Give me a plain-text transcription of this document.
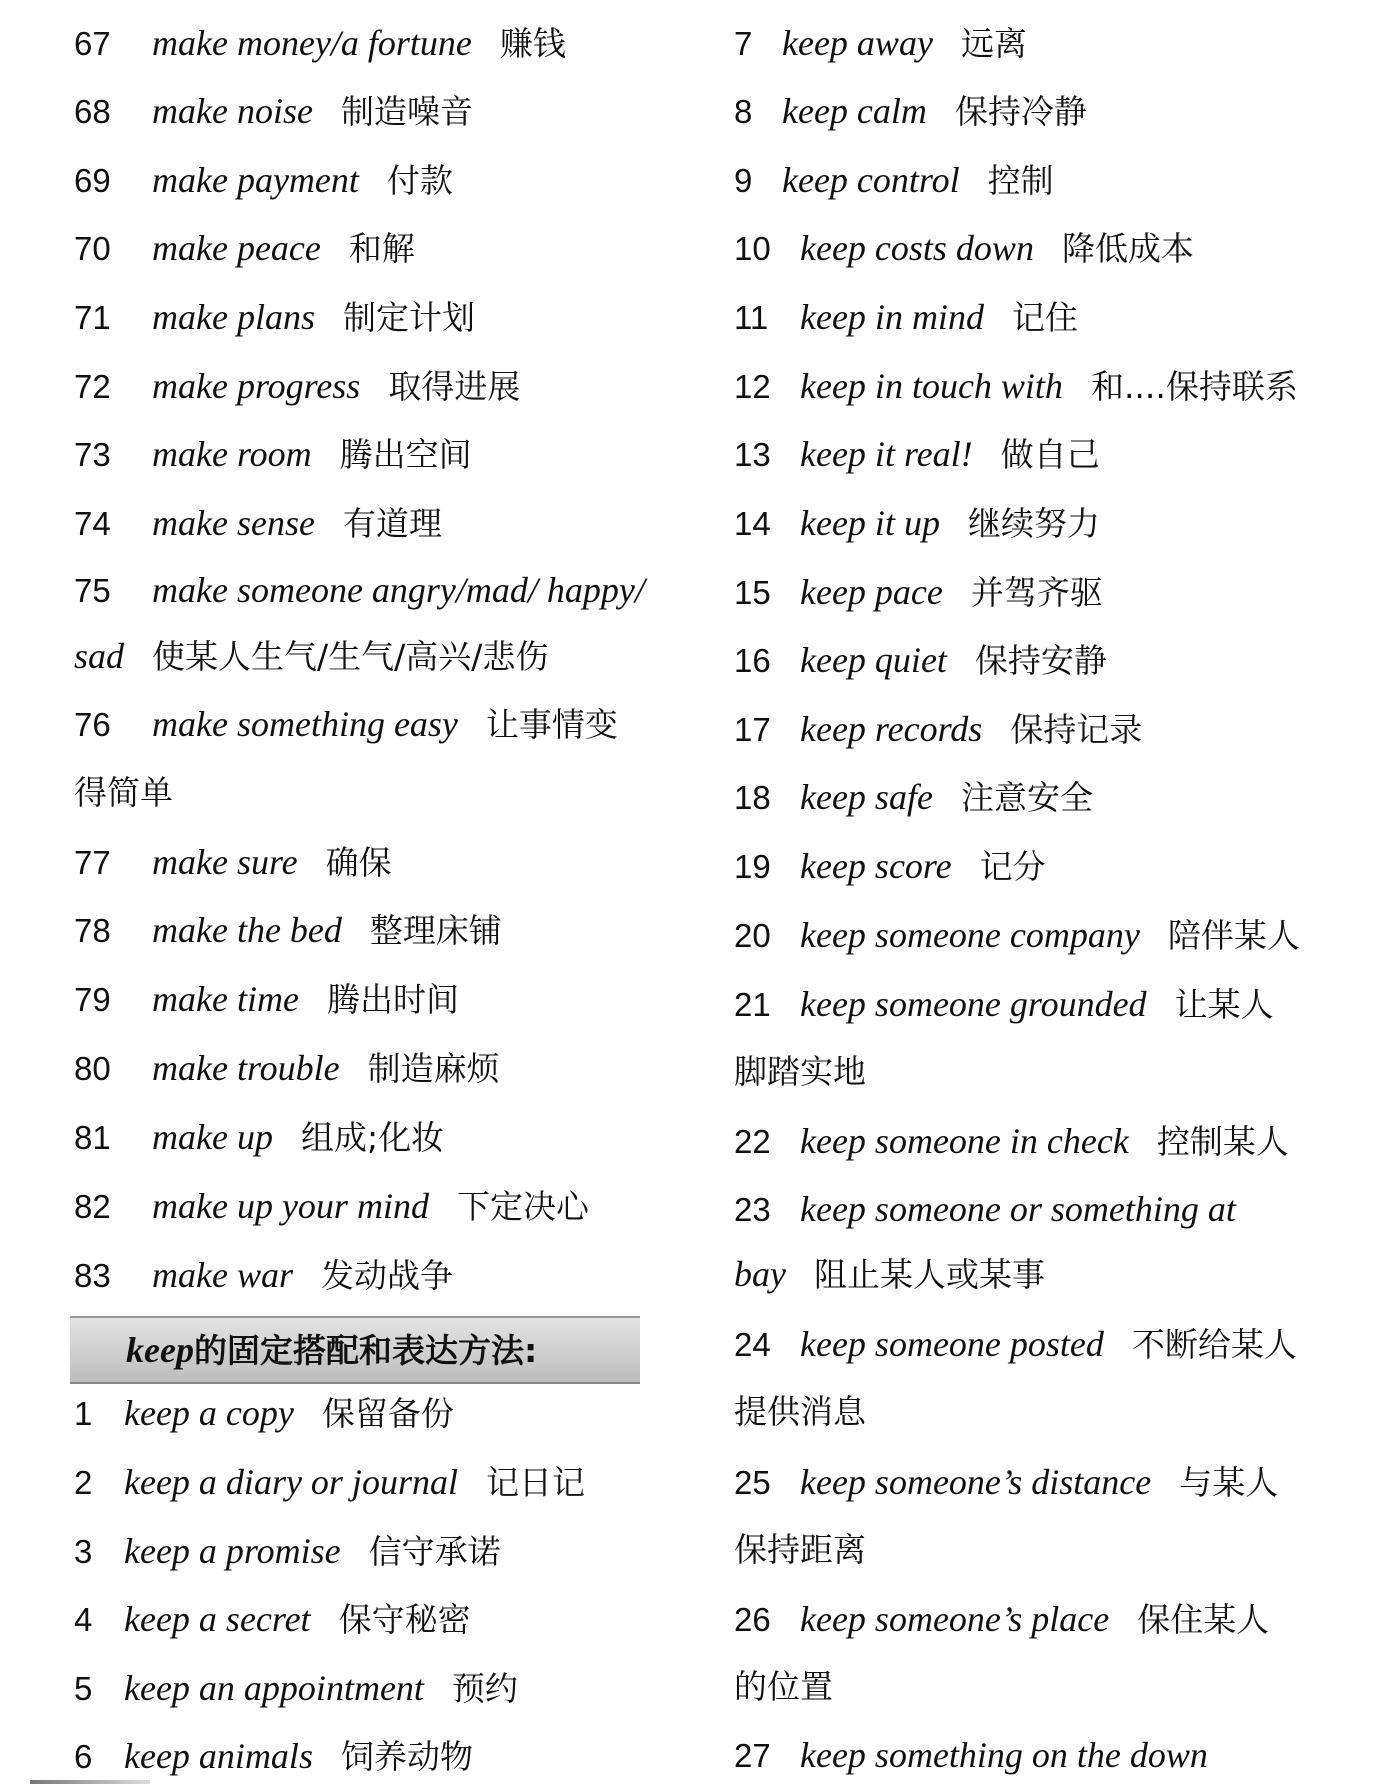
67 make money/a fortune 赚钱
68 make noise 制造噪音
69 make payment 付款
70 make peace 和解
71 make plans 制定计划
72 make progress 取得进展
73 make room 腾出空间
74 make sense 有道理
75 make someone angry/mad/ happy/
sad 使某人生气/生气/高兴/悲伤
76 make something easy 让事情变
得简单
77 make sure 确保
78 make the bed 整理床铺
79 make time 腾出时间
80 make trouble 制造麻烦
81 make up 组成;化妆
82 make up your mind 下定决心
83 make war 发动战争
1 keep a copy 保留备份
2 keep a diary or journal 记日记
3 keep a promise 信守承诺
4 keep a secret 保守秘密
5 keep an appointment 预约
6 keep animals 饲养动物
keep的固定搭配和表达方法:
7 keep away 远离
8 keep calm 保持冷静
9 keep control 控制
10 keep costs down 降低成本
11 keep in mind 记住
12 keep in touch with 和....保持联系
13 keep it real! 做自己
14 keep it up 继续努力
15 keep pace 并驾齐驱
16 keep quiet 保持安静
17 keep records 保持记录
18 keep safe 注意安全
19 keep score 记分
20 keep someone company 陪伴某人
21 keep someone grounded 让某人
脚踏实地
22 keep someone in check 控制某人
23 keep someone or something at
bay 阻止某人或某事
24 keep someone posted 不断给某人
提供消息
25 keep someone’s distance 与某人
保持距离
26 keep someone’s place 保住某人
的位置
27 keep something on the down
